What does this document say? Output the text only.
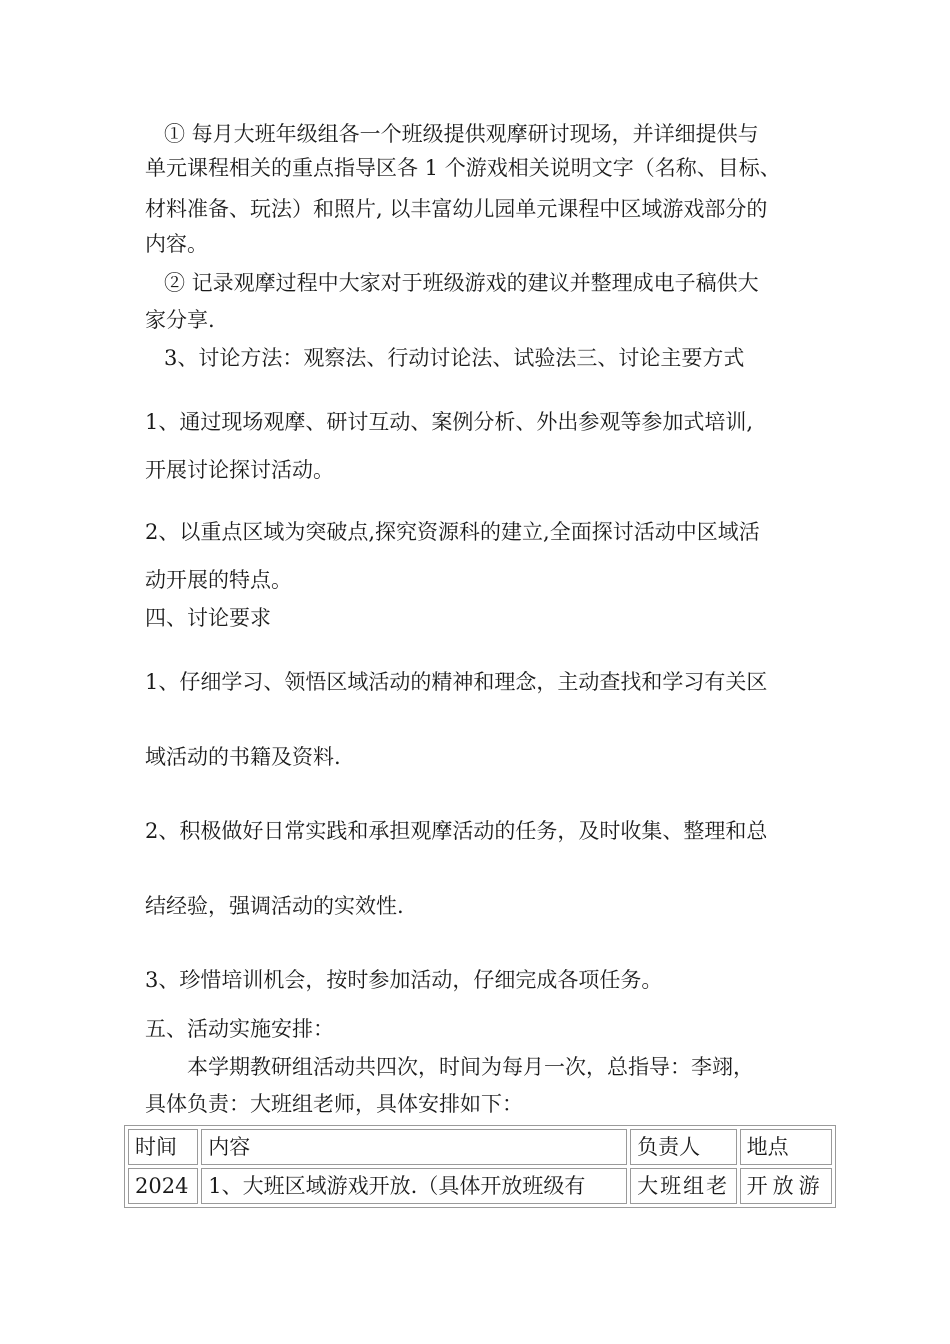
① 每月大班年级组各一个班级提供观摩研讨现场，并详细提供与
单元课程相关的重点指导区各 1 个游戏相关说明文字（名称、目标、
材料准备、玩法）和照片, 以丰富幼儿园单元课程中区域游戏部分的
内容。
② 记录观摩过程中大家对于班级游戏的建议并整理成电子稿供大
家分享.
3、讨论方法：观察法、行动讨论法、试验法三、讨论主要方式
1、通过现场观摩、研讨互动、案例分析、外出参观等参加式培训,
开展讨论探讨活动。
2、以重点区域为突破点,探究资源科的建立,全面探讨活动中区域活
动开展的特点。
四、讨论要求
1、仔细学习、领悟区域活动的精神和理念，主动查找和学习有关区
域活动的书籍及资料.
2、积极做好日常实践和承担观摩活动的任务，及时收集、整理和总
结经验，强调活动的实效性.
3、珍惜培训机会，按时参加活动，仔细完成各项任务。
五、活动实施安排：
本学期教研组活动共四次，时间为每月一次，总指导：李翊，
具体负责：大班组老师，具体安排如下：
时间	内容	负责人	地点
2024	1、大班区域游戏开放.（具体开放班级有	大班组老	开放游
